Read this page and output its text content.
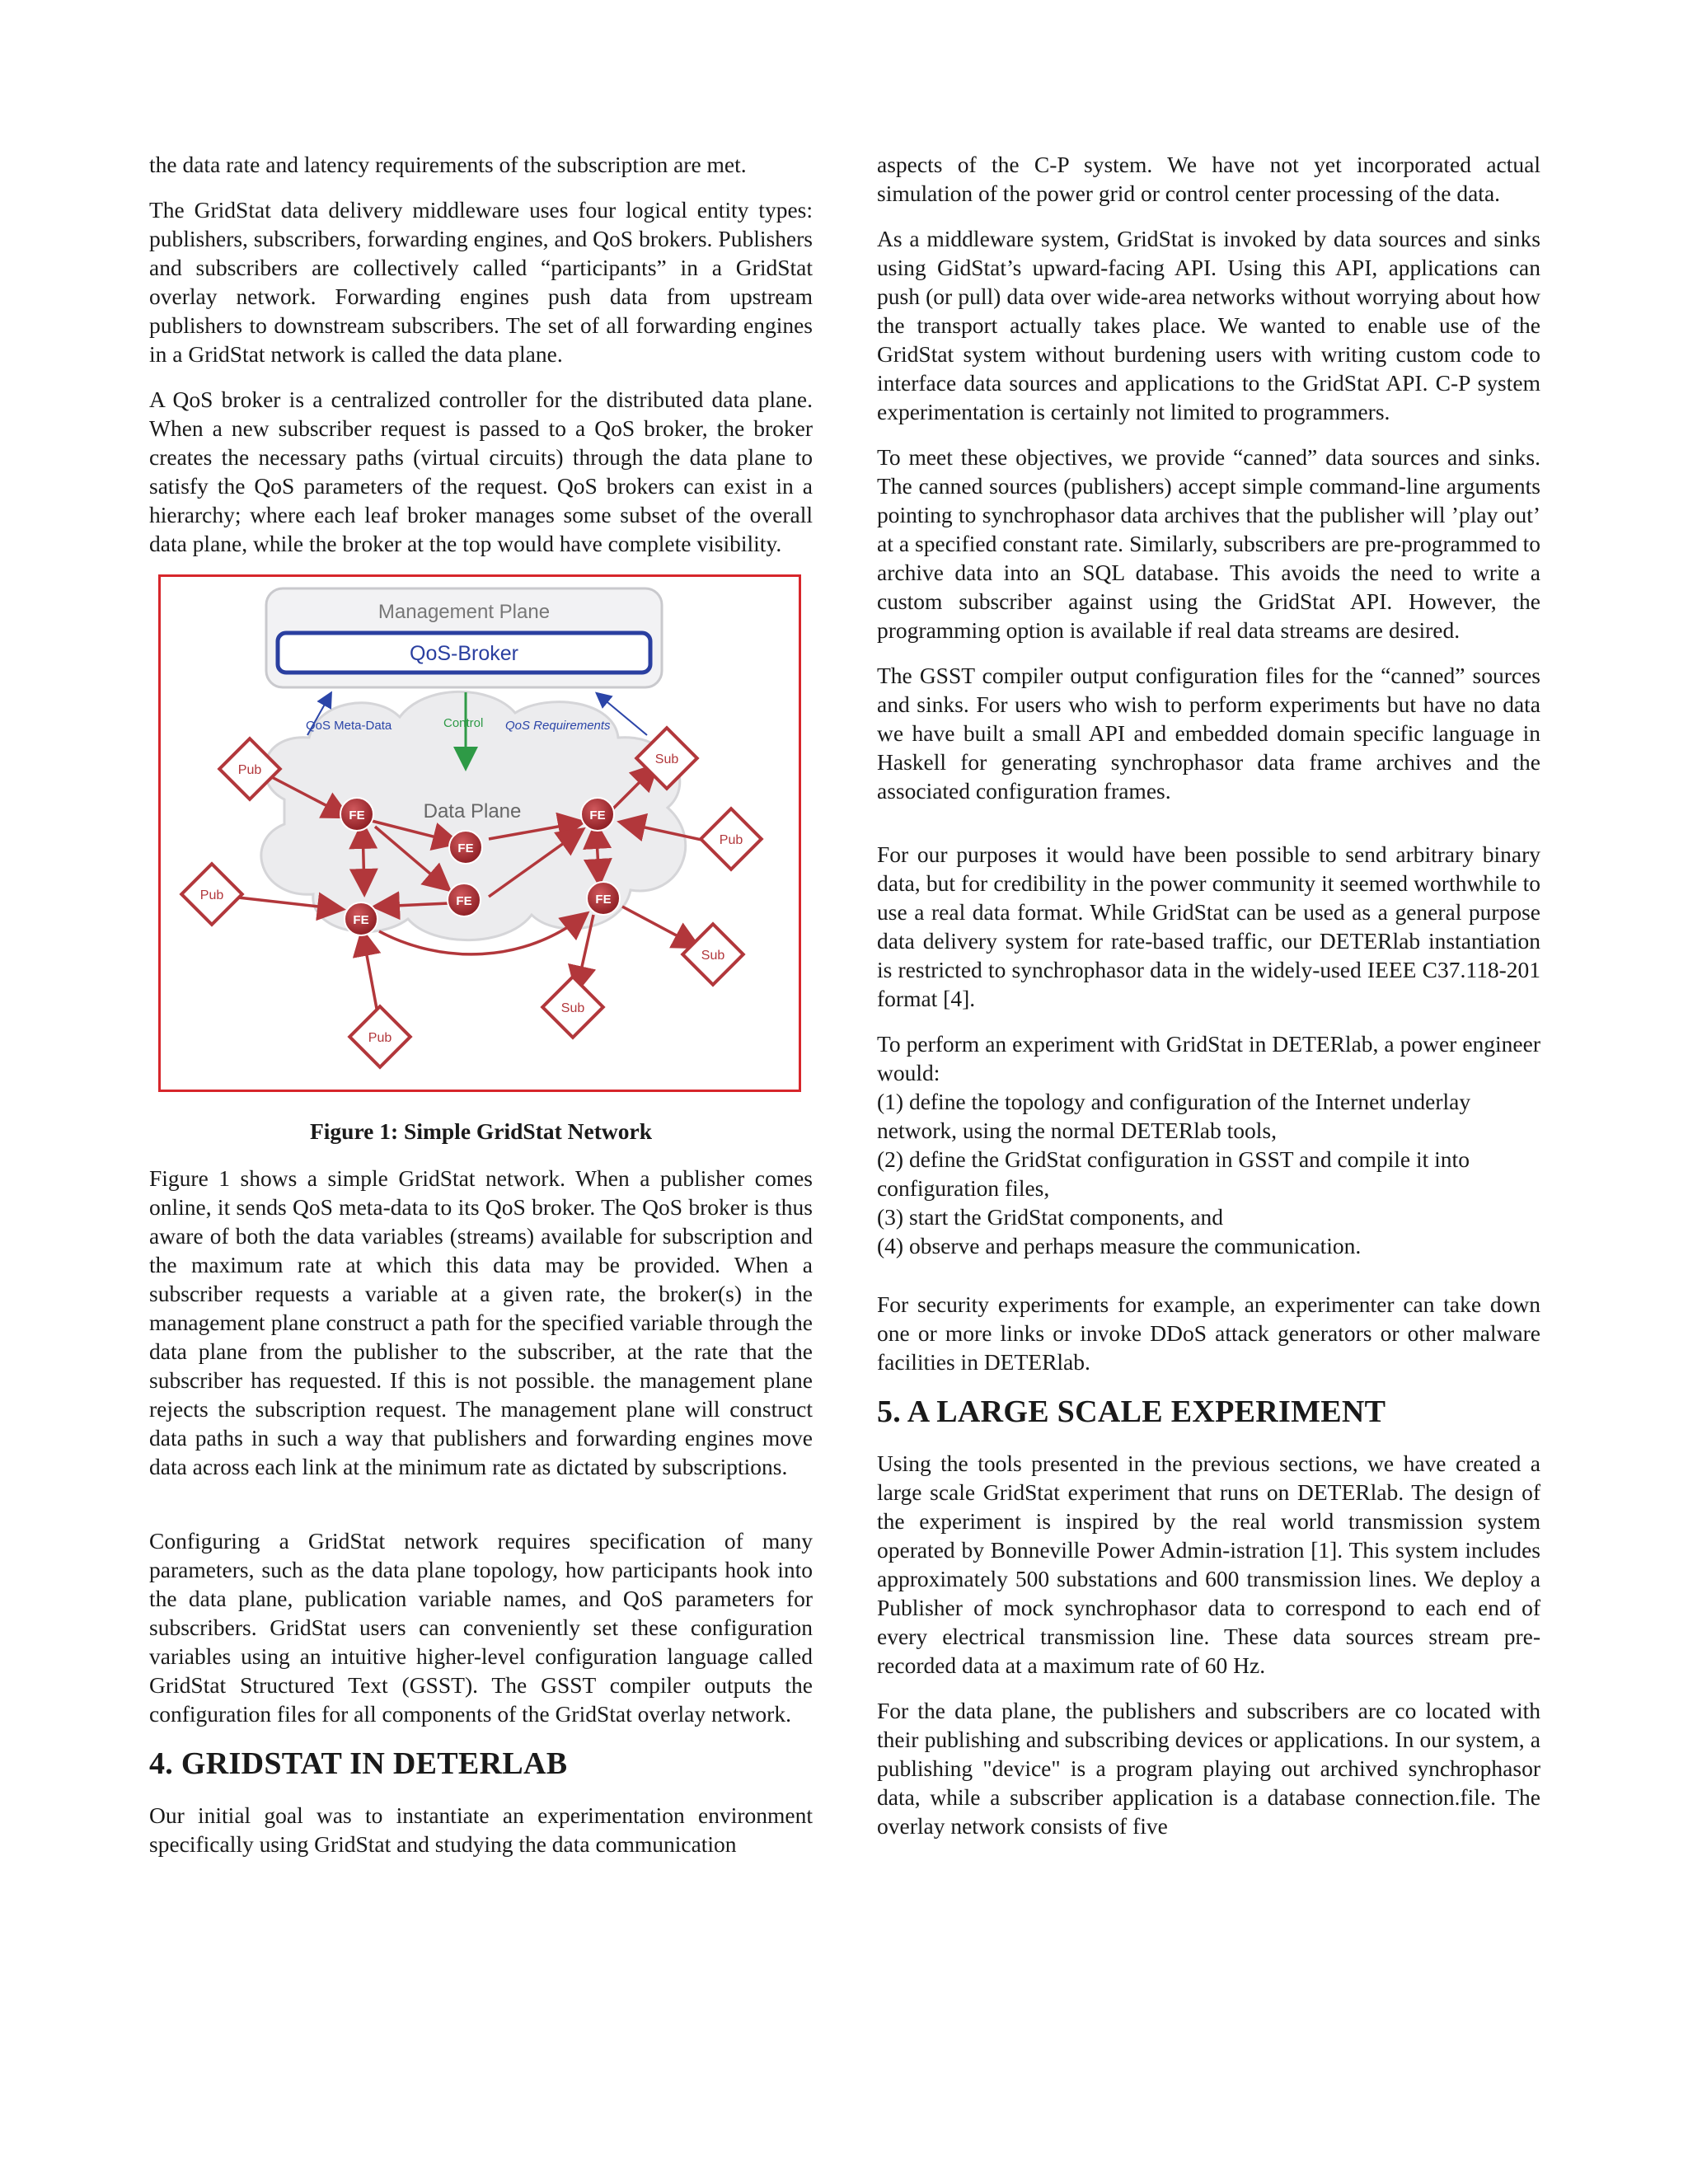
the data rate and latency requirements of the subscription are met.

The GridStat data delivery middleware uses four logical entity types: publishers, subscribers, forwarding engines, and QoS brokers. Publishers and subscribers are collectively called “participants” in a GridStat overlay network. Forwarding engines push data from upstream publishers to downstream subscribers. The set of all forwarding engines in a GridStat network is called the data plane.

A QoS broker is a centralized controller for the distributed data plane. When a new subscriber request is passed to a QoS broker, the broker creates the necessary paths (virtual circuits) through the data plane to satisfy the QoS parameters of the request. QoS brokers can exist in a hierarchy; where each leaf broker manages some subset of the overall data plane, while the broker at the top would have complete visibility.

Management Plane
QoS-Broker
Data Plane
QoS Meta-Data	Control QoS Requirements
FE
FE
FE
FE
FE	FE
Pub
Sub
Pub
Pub
Sub
Sub
Pub
Figure 1: Simple GridStat Network

Figure 1 shows a simple GridStat network. When a publisher comes online, it sends QoS meta-data to its QoS broker. The QoS broker is thus aware of both the data variables (streams) available for subscription and the maximum rate at which this data may be provided. When a subscriber requests a variable at a given rate, the broker(s) in the management plane construct a path for the specified variable through the data plane from the publisher to the subscriber, at the rate that the subscriber has requested. If this is not possible. the management plane rejects the subscription request. The management plane will construct data paths in such a way that publishers and forwarding engines move data across each link at the minimum rate as dictated by subscriptions.

Configuring a GridStat network requires specification of many parameters, such as the data plane topology, how participants hook into the data plane, publication variable names, and QoS parameters for subscribers. GridStat users can conveniently set these configuration variables using an intuitive higher-level configuration language called GridStat Structured Text (GSST). The GSST compiler outputs the configuration files for all components of the GridStat overlay network.

4. GRIDSTAT IN DETERLAB

Our initial goal was to instantiate an experimentation environment specifically using GridStat and studying the data communication

aspects of the C-P system. We have not yet incorporated actual simulation of the power grid or control center processing of the data.

As a middleware system, GridStat is invoked by data sources and sinks using GidStat’s upward-facing API. Using this API, applications can push (or pull) data over wide-area networks without worrying about how the transport actually takes place. We wanted to enable use of the GridStat system without burdening users with writing custom code to interface data sources and applications to the GridStat API. C-P system experimentation is certainly not limited to programmers.

To meet these objectives, we provide “canned” data sources and sinks. The canned sources (publishers) accept simple command-line arguments pointing to synchrophasor data archives that the publisher will ’play out’ at a specified constant rate. Similarly, subscribers are pre-programmed to archive data into an SQL database. This avoids the need to write a custom subscriber against using the GridStat API. However, the programming option is available if real data streams are desired.

The GSST compiler output configuration files for the “canned” sources and sinks. For users who wish to perform experiments but have no data we have built a small API and embedded domain specific language in Haskell for generating synchrophasor data frame archives and the associated configuration frames.

For our purposes it would have been possible to send arbitrary binary data, but for credibility in the power community it seemed worthwhile to use a real data format. While GridStat can be used as a general purpose data delivery system for rate-based traffic, our DETERlab instantiation is restricted to synchrophasor data in the widely-used IEEE C37.118-201 format [4].

To perform an experiment with GridStat in DETERlab, a power engineer would:

(1) define the topology and configuration of the Internet underlay network, using the normal DETERlab tools,
(2) define the GridStat configuration in GSST and compile it into configuration files,
(3) start the GridStat components, and
(4) observe and perhaps measure the communication.

For security experiments for example, an experimenter can take down one or more links or invoke DDoS attack generators or other malware facilities in DETERlab.

5. A LARGE SCALE EXPERIMENT

Using the tools presented in the previous sections, we have created a large scale GridStat experiment that runs on DETERlab. The design of the experiment is inspired by the real world transmission system operated by Bonneville Power Admin-istration [1]. This system includes approximately 500 substations and 600 transmission lines. We deploy a Publisher of mock synchrophasor data to correspond to each end of every electrical transmission line. These data sources stream pre-recorded data at a maximum rate of 60 Hz.

For the data plane, the publishers and subscribers are co located with their publishing and subscribing devices or applications. In our system, a publishing "device" is a program playing out archived synchrophasor data, while a subscriber application is a database connection.file. The overlay network consists of five
